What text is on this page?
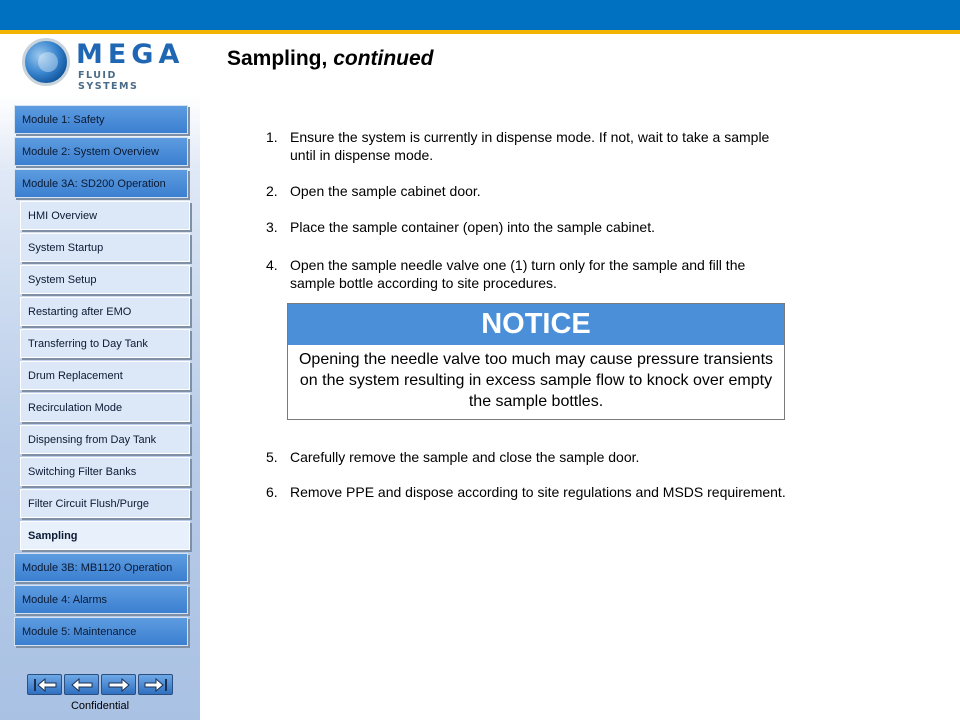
MEGA
FLUID SYSTEMS
Module 1: Safety
Module 2: System Overview
Module 3A: SD200 Operation
HMI Overview
System Startup
System Setup
Restarting after EMO
Transferring to Day Tank
Drum Replacement
Recirculation Mode
Dispensing from Day Tank
Switching Filter Banks
Filter Circuit Flush/Purge
Sampling
Module 3B: MB1120 Operation
Module 4: Alarms
Module 5: Maintenance
Confidential
Sampling, continued
1. Ensure the system is currently in dispense mode. If not, wait to take a sample until in dispense mode.
2. Open the sample cabinet door.
3. Place the sample container (open) into the sample cabinet.
4. Open the sample needle valve one (1) turn only for the sample and fill the sample bottle according to site procedures.
NOTICE
Opening the needle valve too much may cause pressure transients on the system resulting in excess sample flow to knock over empty the sample bottles.
5. Carefully remove the sample and close the sample door.
6. Remove PPE and dispose according to site regulations and MSDS requirement.
